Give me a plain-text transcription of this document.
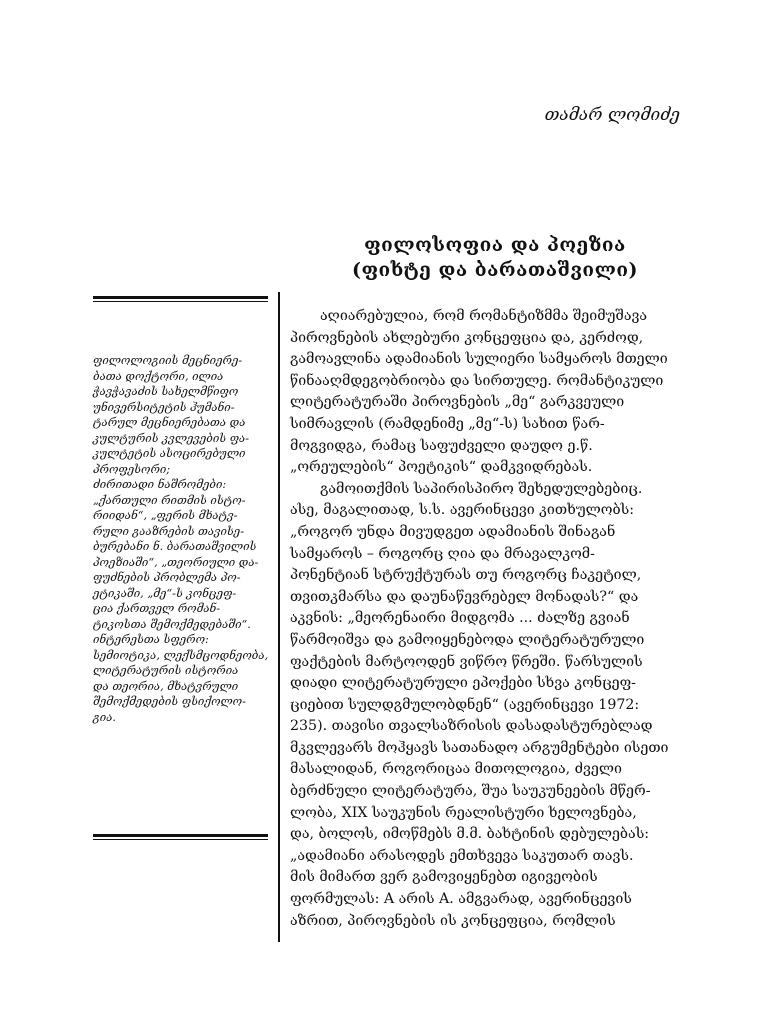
თამარ ლომიძე
ფილოსოფია და პოეზია
(ფიხტე და ბარათაშვილი)

ფილოლოგიის მეცნიერე-

ბათა დოქტორი, ილია

ჭავჭავაძის სახელმწიფო

უნივერსიტეტის ჰუმანი-

ტარულ მეცნიერებათა და

კულტურის კვლევების ფა-

კულტეტის ასოცირებული

პროფესორი;

ძირითადი ნაშრომები:

„ქართული რითმის ისტო-

რიიდან“, „ფერის მხატვ-

რული გააზრების თავისე-

ბურებანი ნ. ბარათაშვილის

პოეზიაში“, „თეორიული და-

ფუძნების პრობლემა პო-

ეტიკაში, „მე“-ს კონცეფ-

ცია ქართველ რომან-

ტიკოსთა შემოქმედებაში“.

ინტერესთა სფერო:

სემიოტიკა, ლექსმცოდნეობა,

ლიტერატურის ისტორია

და თეორია, მხატვრული

შემოქმედების ფსიქოლო-

გია.

აღიარებულია, რომ რომანტიზმმა შეიმუშავა
პიროვნების ახლებური კონცეფცია და, კერძოდ,
გამოავლინა ადამიანის სულიერი სამყაროს მთელი
წინააღმდეგობრიობა და სირთულე. რომანტიკული
ლიტერატურაში პიროვნების „მე“ გარკვეული
სიმრავლის (რამდენიმე „მე“-ს) სახით წარ-
მოგვიდგა, რამაც საფუძველი დაუდო ე.წ.
„ორეულების“ პოეტიკის“ დამკვიდრებას.
გამოითქმის საპირისპირო შეხედულებებიც.
ასე, მაგალითად, ს.ს. ავერინცევი კითხულობს:
„როგორ უნდა მივუდგეთ ადამიანის შინაგან
სამყაროს – როგორც ღია და მრავალკომ-
პონენტიან სტრუქტურას თუ როგორც ჩაკეტილ,
თვითკმარსა და დაუნაწევრებელ მონადას?“ და
აკვნის: „მეორენაირი მიდგომა ... ძალზე გვიან
წარმოიშვა და გამოიყენებოდა ლიტერატურული
ფაქტების მარტოოდენ ვიწრო წრეში. წარსულის
დიადი ლიტერატურული ეპოქები სხვა კონცეფ-
ციებით სულდგმულობდნენ“ (ავერინცევი 1972:
235). თავისი თვალსაზრისის დასადასტურებლად
მკვლევარს მოჰყავს სათანადო არგუმენტები ისეთი
მასალიდან, როგორიცაა მითოლოგია, ძველი
ბერძნული ლიტერატურა, შუა საუკუნეების მწერ-
ლობა, XIX საუკუნის რეალისტური ხელოვნება,
და, ბოლოს, იმოწმებს მ.მ. ბახტინის დებულებას:
„ადამიანი არასოდეს ემთხვევა საკუთარ თავს.
მის მიმართ ვერ გამოვიყენებთ იგივეობის
ფორმულას: A არის A. ამგვარად, ავერინცევის
აზრით, პიროვნების ის კონცეფცია, რომლის
